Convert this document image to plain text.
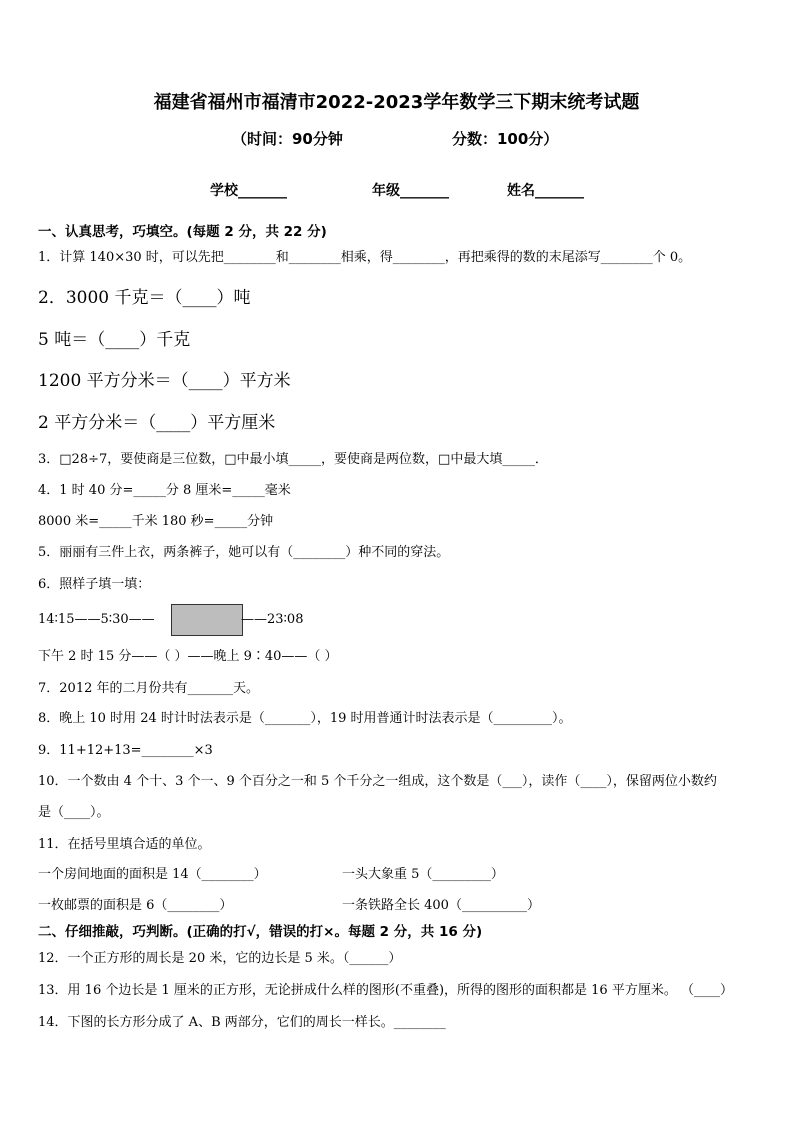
福建省福州市福清市2022-2023学年数学三下期末统考试题
（时间：90分钟	分数：100分）
学校_______	年级_______	姓名_______
一、认真思考，巧填空。(每题 2 分，共 22 分)
1．计算 140×30 时，可以先把________和________相乘，得________，再把乘得的数的末尾添写________个 0。
2．3000 千克＝（____）吨
5 吨＝（____）千克
1200 平方分米＝（____）平方米
2 平方分米＝（____）平方厘米
3．□28÷7，要使商是三位数，□中最小填_____，要使商是两位数，□中最大填_____．
4．1 时 40 分=_____分 8 厘米=_____毫米
8000 米=_____千米 180 秒=_____分钟
5．丽丽有三件上衣，两条裤子，她可以有（________）种不同的穿法。
6．照样子填一填：
14∶15——5∶30——	——23∶08
下午 2 时 15 分——（ ）——晚上 9∶40——（ ）
7．2012 年的二月份共有_______天。
8．晚上 10 时用 24 时计时法表示是（_______），19 时用普通计时法表示是（_________）。
9．11+12+13=________×3
10．一个数由 4 个十、3 个一、9 个百分之一和 5 个千分之一组成，这个数是（___），读作（____），保留两位小数约
是（____）。
11．在括号里填合适的单位。
一个房间地面的面积是 14（________）	一头大象重 5（_________）
一枚邮票的面积是 6（________）	一条铁路全长 400（__________）
二、仔细推敲，巧判断。(正确的打√，错误的打×。每题 2 分，共 16 分)
12．一个正方形的周长是 20 米，它的边长是 5 米。（______）
13．用 16 个边长是 1 厘米的正方形，无论拼成什么样的图形(不重叠)，所得的图形的面积都是 16 平方厘米。 （____）
14．下图的长方形分成了 A、B 两部分，它们的周长一样长。________
